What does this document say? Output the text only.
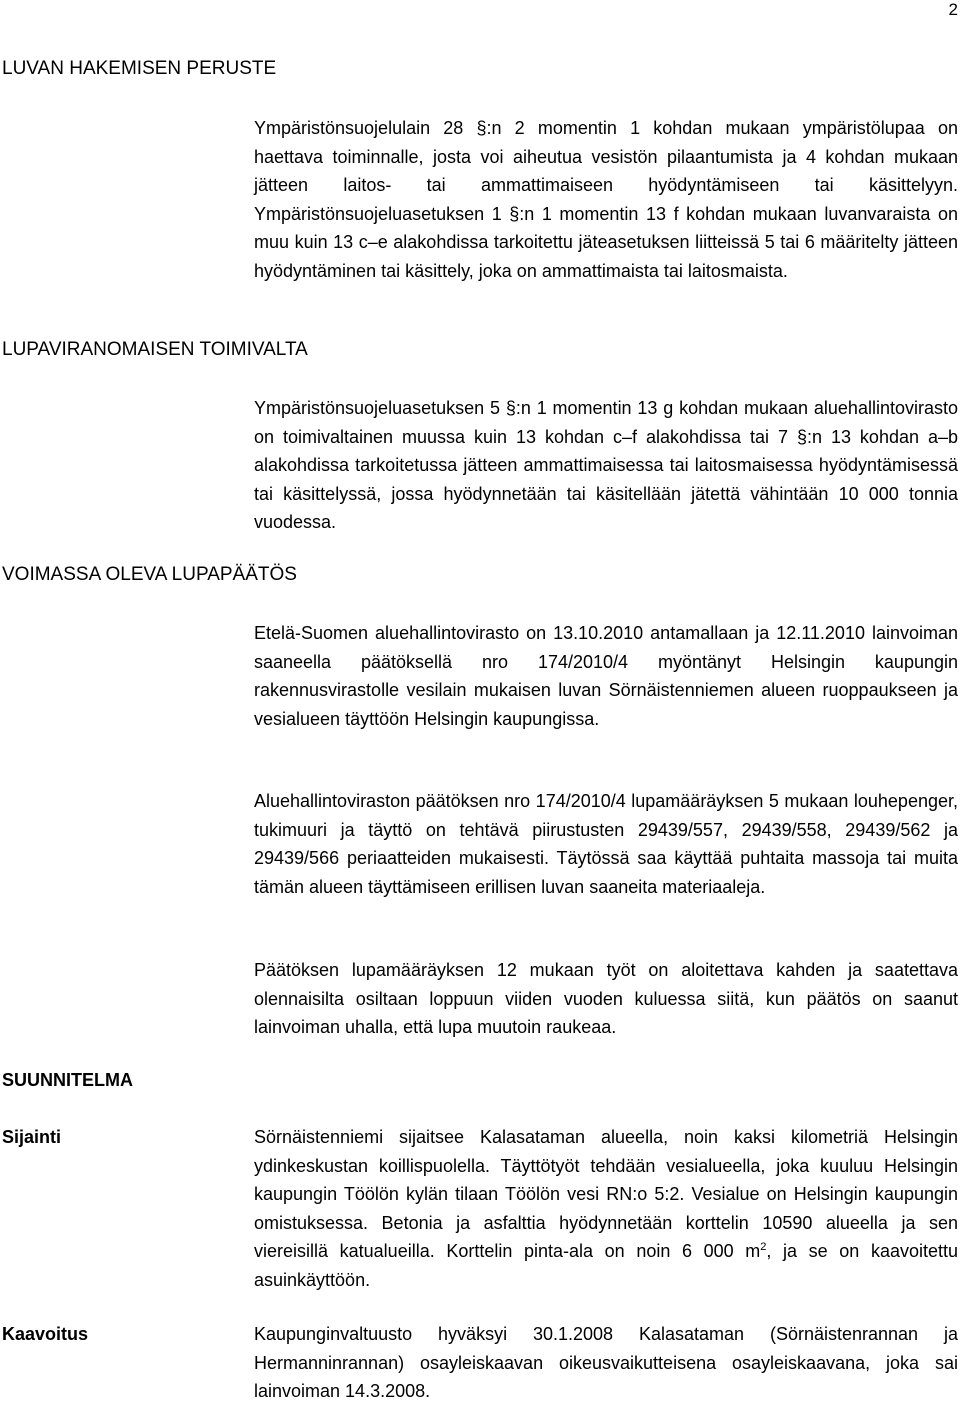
2
LUVAN HAKEMISEN PERUSTE

Ympäristönsuojelulain 28 §:n 2 momentin 1 kohdan mukaan ympäristölupaa on haettava toiminnalle, josta voi aiheutua vesistön pilaantumista ja 4 kohdan mukaan jätteen laitos- tai ammattimaiseen hyödyntämiseen tai käsittelyyn. Ympäristönsuojeluasetuksen 1 §:n 1 momentin 13 f kohdan mukaan luvanvaraista on muu kuin 13 c–e alakohdissa tarkoitettu jäteasetuksen liitteissä 5 tai 6 määritelty jätteen hyödyntäminen tai käsittely, joka on ammattimaista tai laitosmaista.

LUPAVIRANOMAISEN TOIMIVALTA

Ympäristönsuojeluasetuksen 5 §:n 1 momentin 13 g kohdan mukaan aluehallintovirasto on toimivaltainen muussa kuin 13 kohdan c–f alakohdissa tai 7 §:n 13 kohdan a–b alakohdissa tarkoitetussa jätteen ammattimaisessa tai laitosmaisessa hyödyntämisessä tai käsittelyssä, jossa hyödynnetään tai käsitellään jätettä vähintään 10 000 tonnia vuodessa.

VOIMASSA OLEVA LUPAPÄÄTÖS

Etelä-Suomen aluehallintovirasto on 13.10.2010 antamallaan ja 12.11.2010 lainvoiman saaneella päätöksellä nro 174/2010/4 myöntänyt Helsingin kaupungin rakennusvirastolle vesilain mukaisen luvan Sörnäistenniemen alueen ruoppaukseen ja vesialueen täyttöön Helsingin kaupungissa.

Aluehallintoviraston päätöksen nro 174/2010/4 lupamääräyksen 5 mukaan louhepenger, tukimuuri ja täyttö on tehtävä piirustusten 29439/557, 29439/558, 29439/562 ja 29439/566 periaatteiden mukaisesti. Täytössä saa käyttää puhtaita massoja tai muita tämän alueen täyttämiseen erillisen luvan saaneita materiaaleja.

Päätöksen lupamääräyksen 12 mukaan työt on aloitettava kahden ja saatettava olennaisilta osiltaan loppuun viiden vuoden kuluessa siitä, kun päätös on saanut lainvoiman uhalla, että lupa muutoin raukeaa.

SUUNNITELMA
Sijainti	Sörnäistenniemi sijaitsee Kalasataman alueella, noin kaksi kilometriä Helsingin ydinkeskustan koillispuolella. Täyttötyöt tehdään vesialueella, joka kuuluu Helsingin kaupungin Töölön kylän tilaan Töölön vesi RN:o 5:2. Vesialue on Helsingin kaupungin omistuksessa. Betonia ja asfalttia hyödynnetään korttelin 10590 alueella ja sen viereisillä katualueilla. Korttelin pinta-ala on noin 6 000 $m^2$, ja se on kaavoitettu asuinkäyttöön.

Kaavoitus	Kaupunginvaltuusto hyväksyi 30.1.2008 Kalasataman (Sörnäistenrannan ja Hermanninrannan) osayleiskaavan oikeusvaikutteisena osayleiskaavana, joka sai lainvoiman 14.3.2008.
